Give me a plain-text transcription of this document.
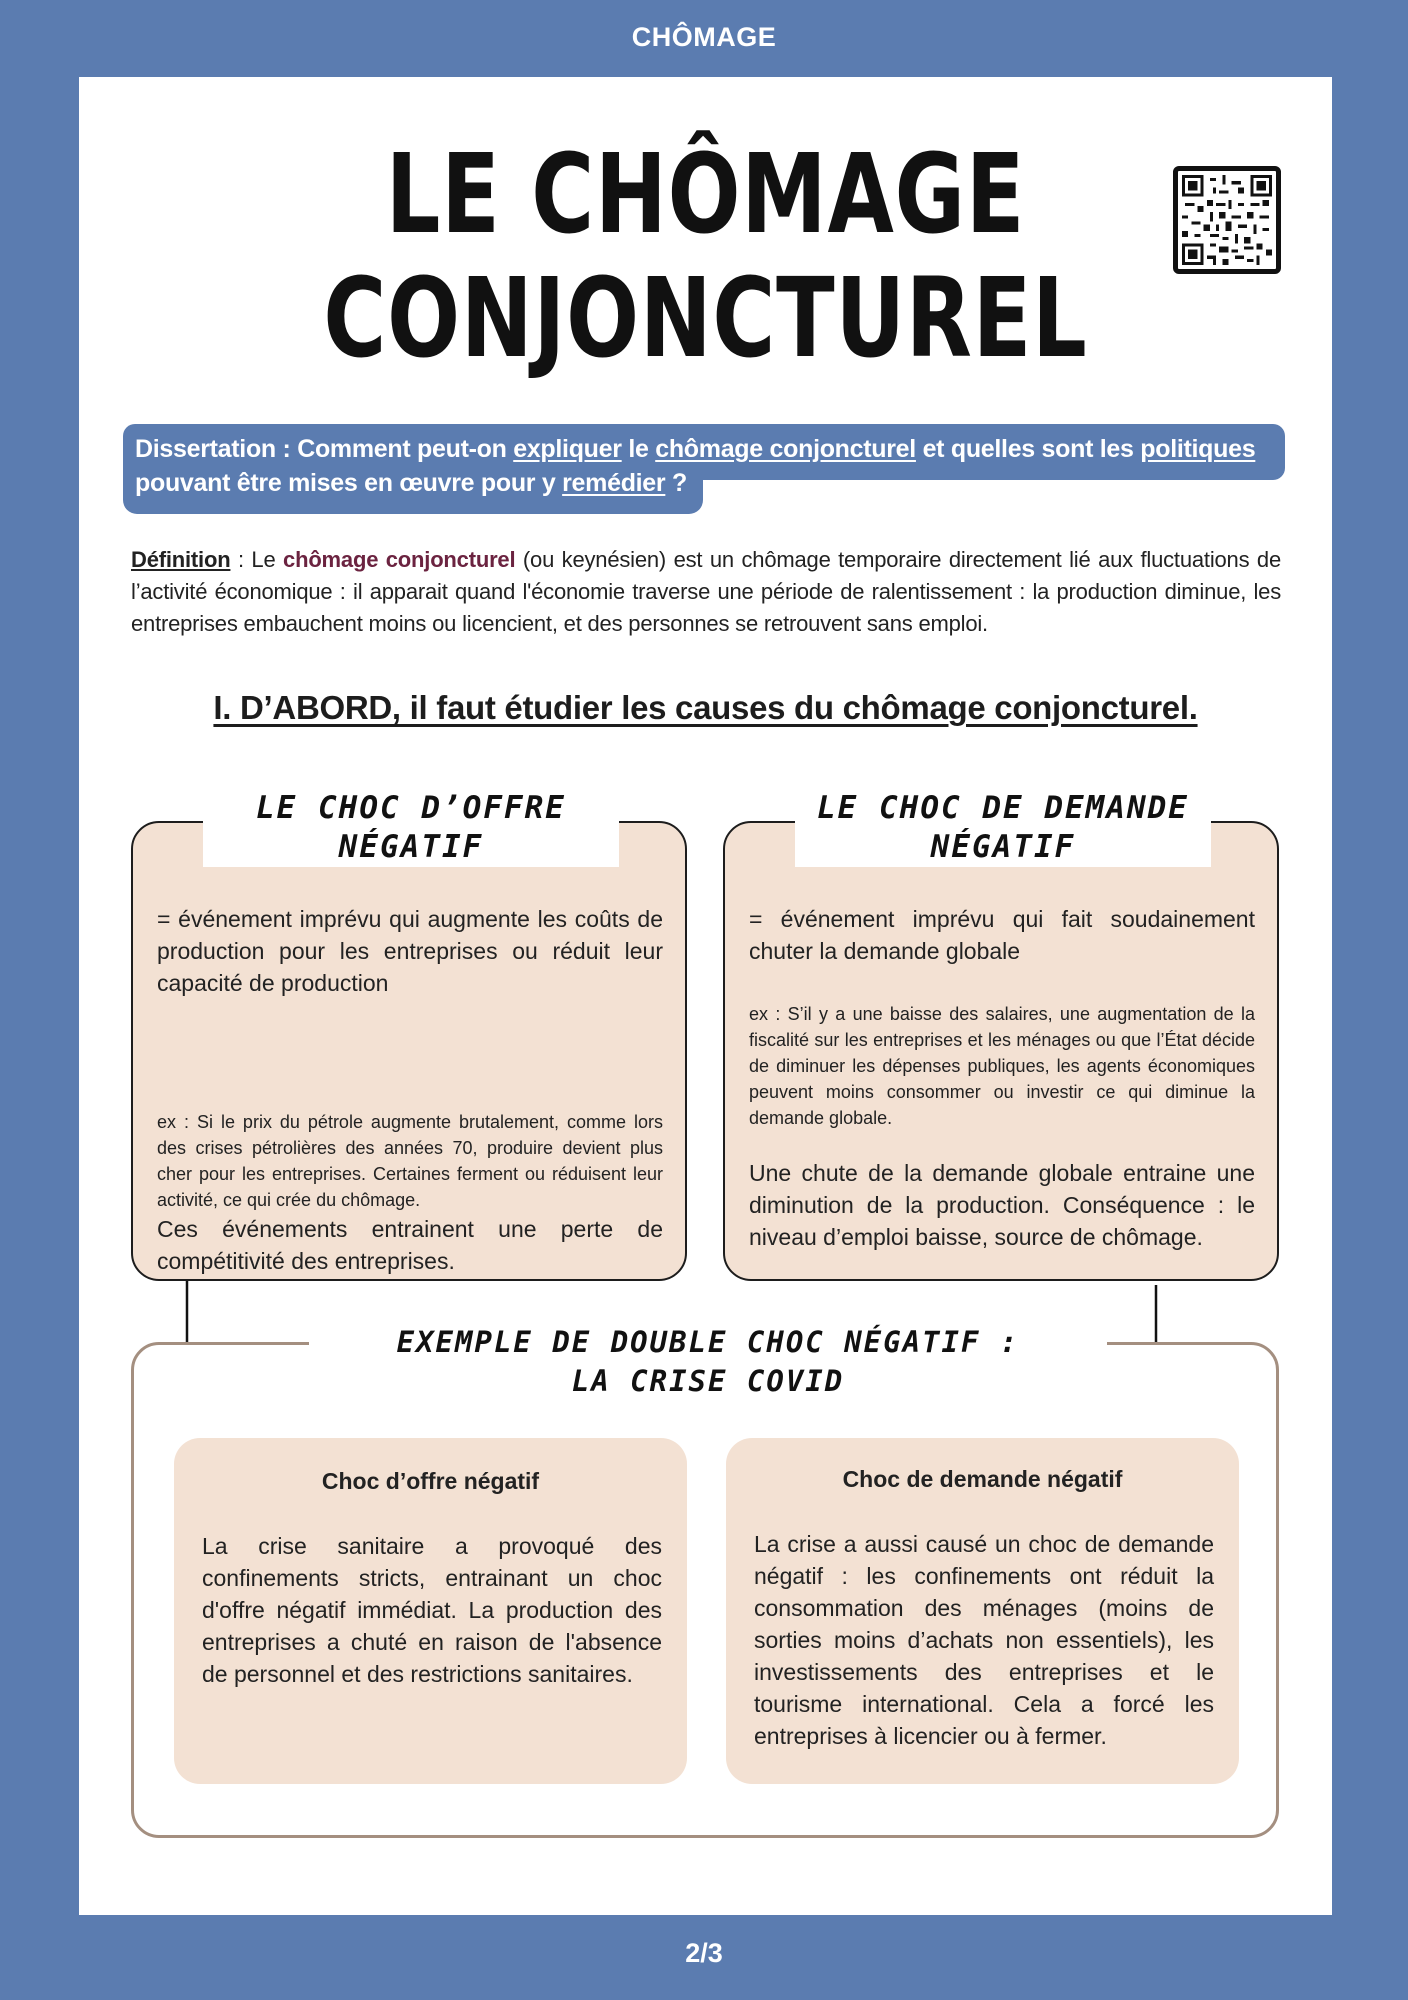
CHÔMAGE
LE CHÔMAGE
CONJONCTUREL
Dissertation : Comment peut-on expliquer le chômage conjoncturel et quelles sont les politiques pouvant être mises en œuvre pour y remédier ?
Définition : Le chômage conjoncturel (ou keynésien) est un chômage temporaire directement lié aux fluctuations de l’activité économique : il apparait quand l'économie traverse une période de ralentissement : la production diminue, les entreprises embauchent moins ou licencient, et des personnes se retrouvent sans emploi.
I. D’ABORD, il faut étudier les causes du chômage conjoncturel.
LE CHOC D’OFFRE
NÉGATIF
= événement imprévu qui augmente les coûts de production pour les entreprises ou réduit leur capacité de production
ex : Si le prix du pétrole augmente brutalement, comme lors des crises pétrolières des années 70, produire devient plus cher pour les entreprises. Certaines ferment ou réduisent leur activité, ce qui crée du chômage.
Ces événements entrainent une perte de compétitivité des entreprises.
LE CHOC DE DEMANDE
NÉGATIF
= événement imprévu qui fait soudainement chuter la demande globale
ex : S’il y a une baisse des salaires, une augmentation de la fiscalité sur les entreprises et les ménages ou que l’État décide de diminuer les dépenses publiques, les agents économiques peuvent moins consommer ou investir ce qui diminue la demande globale.
Une chute de la demande globale entraine une diminution de la production. Conséquence : le niveau d’emploi baisse, source de chômage.
EXEMPLE DE DOUBLE CHOC NÉGATIF :
LA CRISE COVID
Choc d’offre négatif
La crise sanitaire a provoqué des confinements stricts, entrainant un choc d'offre négatif immédiat. La production des entreprises a chuté en raison de l'absence de personnel et des restrictions sanitaires.
Choc de demande négatif
La crise a aussi causé un choc de demande négatif : les confinements ont réduit la consommation des ménages (moins de sorties moins d’achats non essentiels), les investissements des entreprises et le tourisme international. Cela a forcé les entreprises à licencier ou à fermer.
2/3
